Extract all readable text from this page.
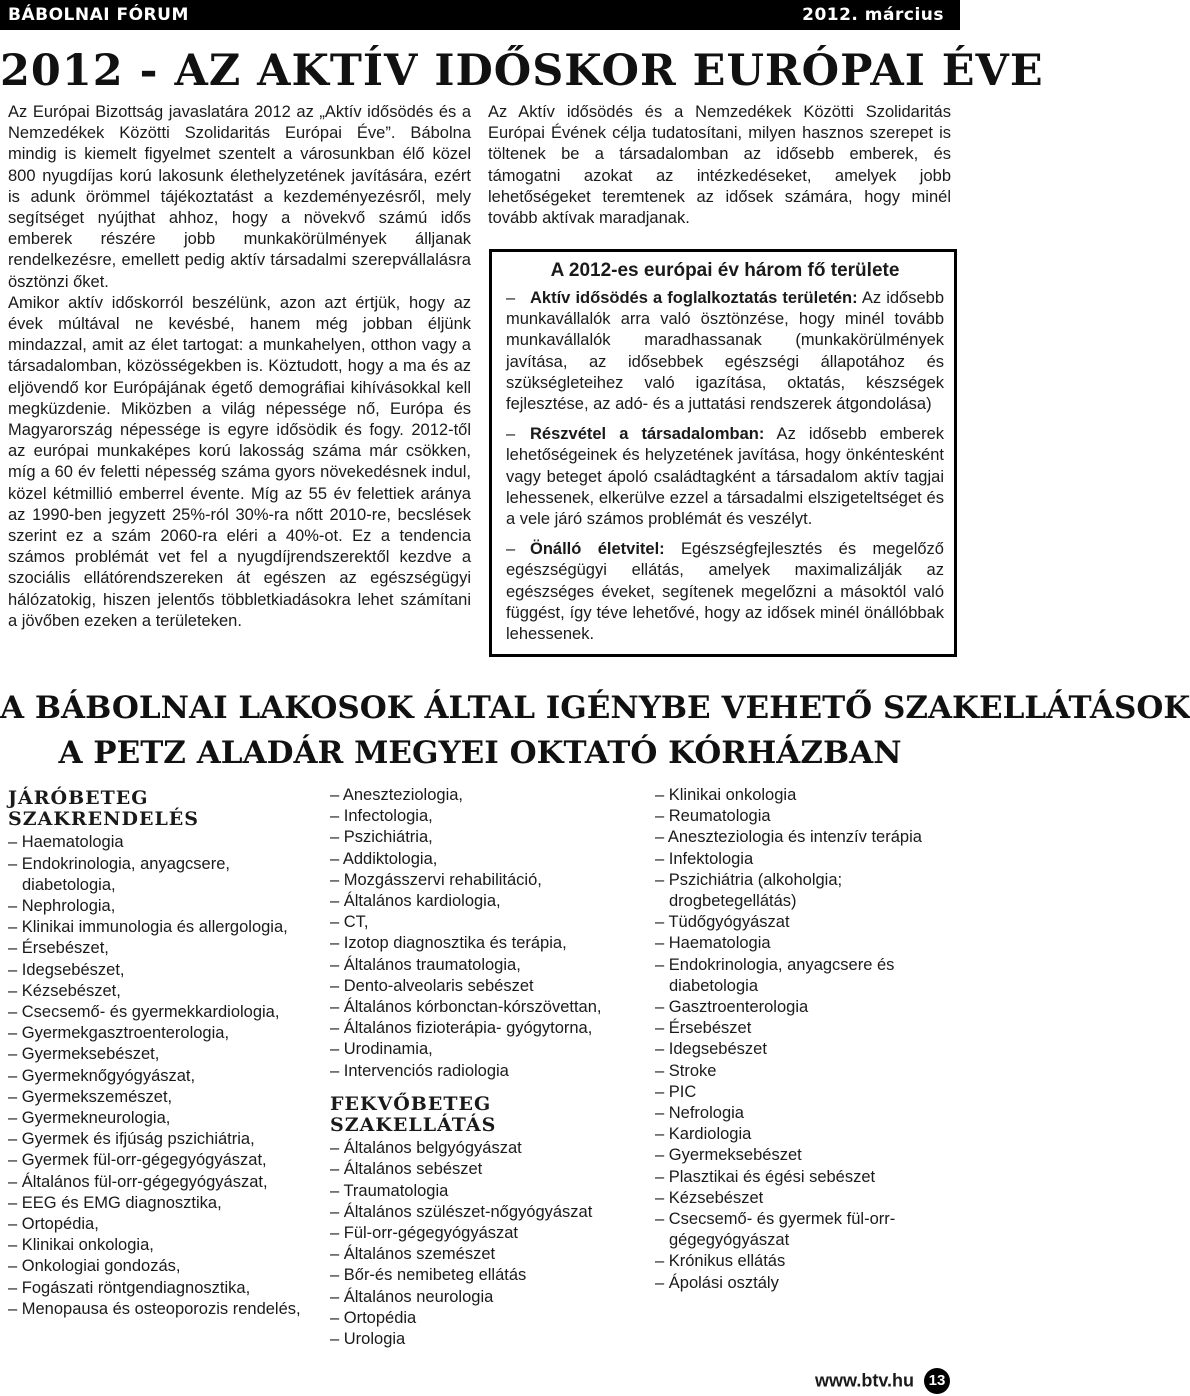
BÁBOLNAI FÓRUM	2012. március
2012 - AZ AKTÍV IDŐSKOR EURÓPAI ÉVE

Az Európai Bizottság javaslatára 2012 az „Aktív idősödés és a Nemzedékek Közötti Szolidaritás Európai Éve”. Bábolna mindig is kiemelt figyelmet szentelt a városunkban élő közel 800 nyugdíjas korú lakosunk élethelyzetének javítására, ezért is adunk örömmel tájékoztatást a kezdeményezésről, mely segítséget nyújthat ahhoz, hogy a növekvő számú idős emberek részére jobb munkakörülmények álljanak rendelkezésre, emellett pedig aktív társadalmi szerepvállalásra ösztönzi őket.

Amikor aktív időskorról beszélünk, azon azt értjük, hogy az évek múltával ne kevésbé, hanem még jobban éljünk mindazzal, amit az élet tartogat: a munkahelyen, otthon vagy a társadalomban, közösségekben is. Köztudott, hogy a ma és az eljövendő kor Európájának égető demográfiai kihívásokkal kell megküzdenie. Miközben a világ népessége nő, Európa és Magyarország népessége is egyre idősödik és fogy. 2012-től az európai munkaképes korú lakosság száma már csökken, míg a 60 év feletti népesség száma gyors növekedésnek indul, közel kétmillió emberrel évente. Míg az 55 év felettiek aránya az 1990-ben jegyzett 25%-ról 30%-ra nőtt 2010-re, becslések szerint ez a szám 2060-ra eléri a 40%-ot. Ez a tendencia számos problémát vet fel a nyugdíjrendszerektől kezdve a szociális ellátórendszereken át egészen az egészségügyi hálózatokig, hiszen jelentős többletkiadásokra lehet számítani a jövőben ezeken a területeken.

Az Aktív idősödés és a Nemzedékek Közötti Szolidaritás Európai Évének célja tudatosítani, milyen hasznos szerepet is töltenek be a társadalomban az idősebb emberek, és támogatni azokat az intézkedéseket, amelyek jobb lehetőségeket teremtenek az idősek számára, hogy minél tovább aktívak maradjanak.

A 2012-es európai év három fő területe
– Aktív idősödés a foglalkoztatás területén: Az idősebb munkavállalók arra való ösztönzése, hogy minél tovább munkavállalók maradhassanak (munkakörülmények javítása, az idősebbek egészségi állapotához és szükségleteihez való igazítása, oktatás, készségek fejlesztése, az adó- és a juttatási rendszerek átgondolása)
– Részvétel a társadalomban: Az idősebb emberek lehetőségeinek és helyzetének javítása, hogy önkéntesként vagy beteget ápoló családtagként a társadalom aktív tagjai lehessenek, elkerülve ezzel a társadalmi elszigeteltséget és a vele járó számos problémát és veszélyt.
– Önálló életvitel: Egészségfejlesztés és megelőző egészségügyi ellátás, amelyek maximalizálják az egészséges éveket, segítenek megelőzni a másoktól való függést, így téve lehetővé, hogy az idősek minél önállóbbak lehessenek.
A BÁBOLNAI LAKOSOK ÁLTAL IGÉNYBE VEHETŐ SZAKELLÁTÁSOK
A PETZ ALADÁR MEGYEI OKTATÓ KÓRHÁZBAN
JÁRÓBETEG SZAKRENDELÉS
– Haematologia
– Endokrinologia, anyagcsere, diabetologia,
– Nephrologia,
– Klinikai immunologia és allergologia,
– Érsebészet,
– Idegsebészet,
– Kézsebészet,
– Csecsemő- és gyermekkardiologia,
– Gyermekgasztroenterologia,
– Gyermeksebészet,
– Gyermeknőgyógyászat,
– Gyermekszemészet,
– Gyermekneurologia,
– Gyermek és ifjúság pszichiátria,
– Gyermek fül-orr-gégegyógyászat,
– Általános fül-orr-gégegyógyászat,
– EEG és EMG diagnosztika,
– Ortopédia,
– Klinikai onkologia,
– Onkologiai gondozás,
– Fogászati röntgendiagnosztika,
– Menopausa és osteoporozis rendelés,
– Aneszteziologia,
– Infectologia,
– Pszichiátria,
– Addiktologia,
– Mozgásszervi rehabilitáció,
– Általános kardiologia,
– CT,
– Izotop diagnosztika és terápia,
– Általános traumatologia,
– Dento-alveolaris sebészet
– Általános kórbonctan-kórszövettan,
– Általános fizioterápia- gyógytorna,
– Urodinamia,
– Intervenciós radiologia
FEKVŐBETEG SZAKELLÁTÁS
– Általános belgyógyászat
– Általános sebészet
– Traumatologia
– Általános szülészet-nőgyógyászat
– Fül-orr-gégegyógyászat
– Általános szemészet
– Bőr-és nemibeteg ellátás
– Általános neurologia
– Ortopédia
– Urologia
– Klinikai onkologia
– Reumatologia
– Aneszteziologia és intenzív terápia
– Infektologia
– Pszichiátria (alkoholgia; drogbetegellátás)
– Tüdőgyógyászat
– Haematologia
– Endokrinologia, anyagcsere és diabetologia
– Gasztroenterologia
– Érsebészet
– Idegsebészet
– Stroke
– PIC
– Nefrologia
– Kardiologia
– Gyermeksebészet
– Plasztikai és égési sebészet
– Kézsebészet
– Csecsemő- és gyermek fül-orr-gégegyógyászat
– Krónikus ellátás
– Ápolási osztály
www.btv.hu 13
